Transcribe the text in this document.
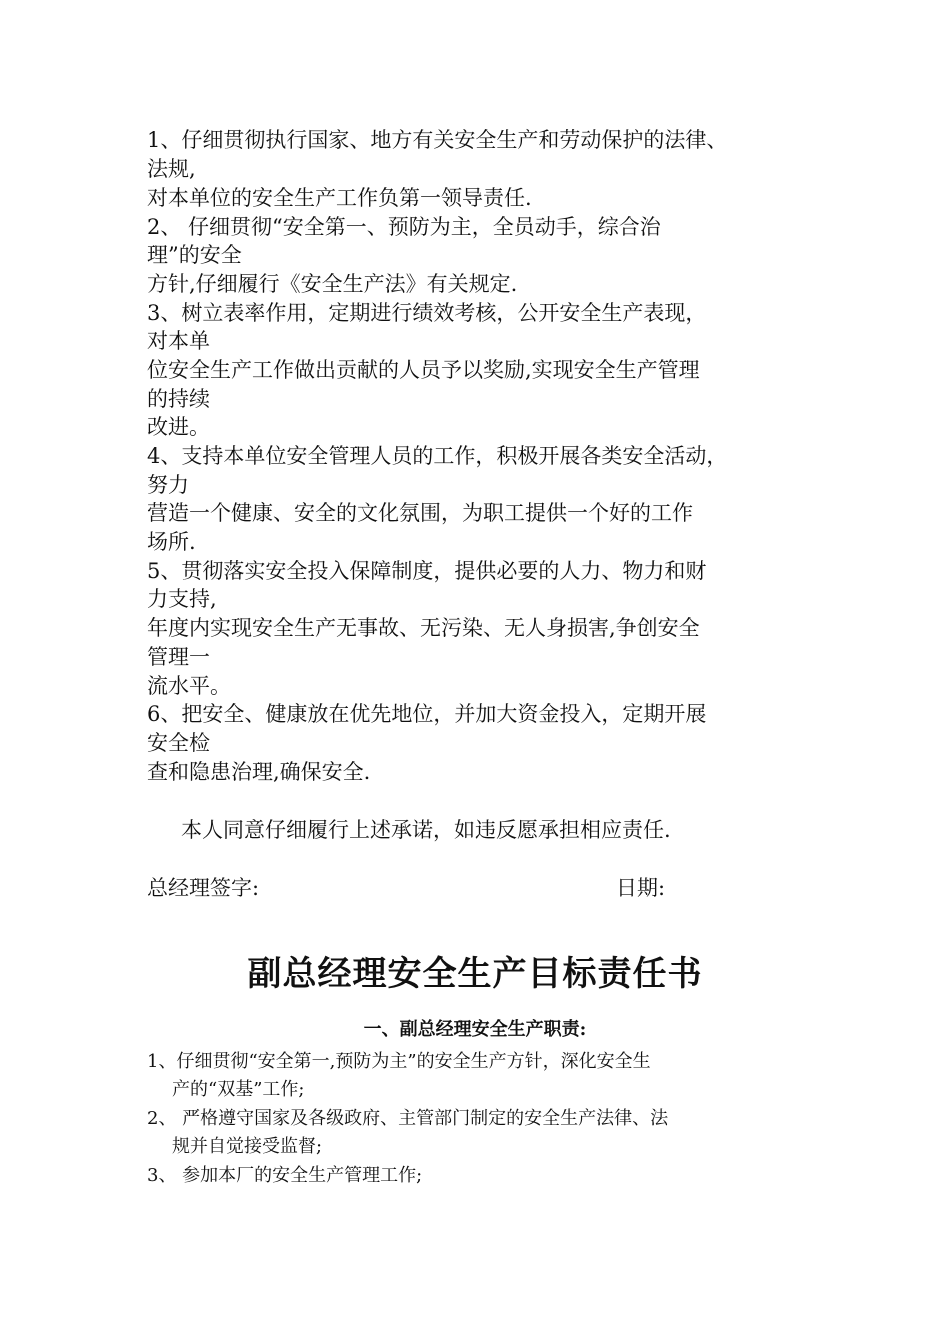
1、仔细贯彻执行国家、地方有关安全生产和劳动保护的法律、
法规,
对本单位的安全生产工作负第一领导责任.
2、 仔细贯彻“安全第一、预防为主，全员动手，综合治
理”的安全
方针,仔细履行《安全生产法》有关规定.
3、树立表率作用，定期进行绩效考核，公开安全生产表现，
对本单
位安全生产工作做出贡献的人员予以奖励,实现安全生产管理
的持续
改进。
4、支持本单位安全管理人员的工作，积极开展各类安全活动，
努力
营造一个健康、安全的文化氛围，为职工提供一个好的工作
场所.
5、贯彻落实安全投入保障制度，提供必要的人力、物力和财
力支持,
年度内实现安全生产无事故、无污染、无人身损害,争创安全
管理一
流水平。
6、把安全、健康放在优先地位，并加大资金投入，定期开展
安全检
查和隐患治理,确保安全.
本人同意仔细履行上述承诺，如违反愿承担相应责任.
总经理签字:	日期:
副总经理安全生产目标责任书
一、副总经理安全生产职责:
1、仔细贯彻“安全第一,预防为主”的安全生产方针，深化安全生
产的“双基”工作;
2、 严格遵守国家及各级政府、主管部门制定的安全生产法律、法
规并自觉接受监督;
3、 参加本厂的安全生产管理工作;
